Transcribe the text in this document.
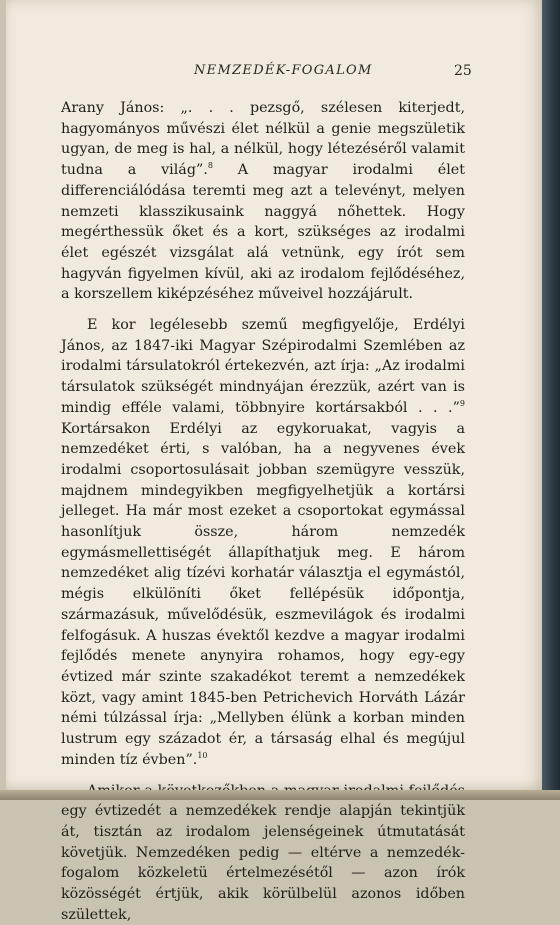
NEMZEDÉK-FOGALOM	25

Arany János: „. . . pezsgő, szélesen kiterjedt, hagyományos művészi élet nélkül a genie megszületik ugyan, de meg is hal, a nélkül, hogy létezéséről valamit tudna a világ”.$^8$ A magyar irodalmi élet differenciálódása teremti meg azt a televényt, melyen nemzeti klasszikusaink naggyá nőhettek. Hogy megérthessük őket és a kort, szükséges az irodalmi élet egészét vizsgálat alá vetnünk, egy írót sem hagyván figyelmen kívül, aki az irodalom fejlődéséhez, a korszellem kiképzéséhez műveivel hozzájárult.

E kor legélesebb szemű megfigyelője, Erdélyi János, az 1847-iki Magyar Szépirodalmi Szemlében az irodalmi társulatokról értekezvén, azt írja: „Az irodalmi társulatok szükségét mindnyájan érezzük, azért van is mindig efféle valami, többnyire kortársakból . . .”$^9$ Kortársakon Erdélyi az egykoruakat, vagyis a nemzedéket érti, s valóban, ha a negyvenes évek irodalmi csoportosulásait jobban szemügyre vesszük, majdnem mindegyikben megfigyelhetjük a kortársi jelleget. Ha már most ezeket a csoportokat egymással hasonlítjuk össze, három nemzedék egymásmellettiségét állapíthatjuk meg. E három nemzedéket alig tízévi korhatár választja el egymástól, mégis elkülöníti őket fellépésük időpontja, származásuk, művelődésük, eszmevilágok és irodalmi felfogásuk. A huszas évektől kezdve a magyar irodalmi fejlődés menete anynyira rohamos, hogy egy-egy évtized már szinte szakadékot teremt a nemzedékek közt, vagy amint 1845-ben Petrichevich Horváth Lázár némi túlzással írja: „Mellyben élünk a korban minden lustrum egy századot ér, a társaság elhal és megújul minden tíz évben”.$^{10}$

egy évtizedét a nemzedékek rendje alapján tekintjük át, tisztán az irodalom jelenségeinek útmutatását követjük. Nemzedéken pedig — eltérve a nemzedék-fogalom közkeletü értelmezésétől — azon írók közösségét értjük, akik körülbelül azonos időben születtek,
